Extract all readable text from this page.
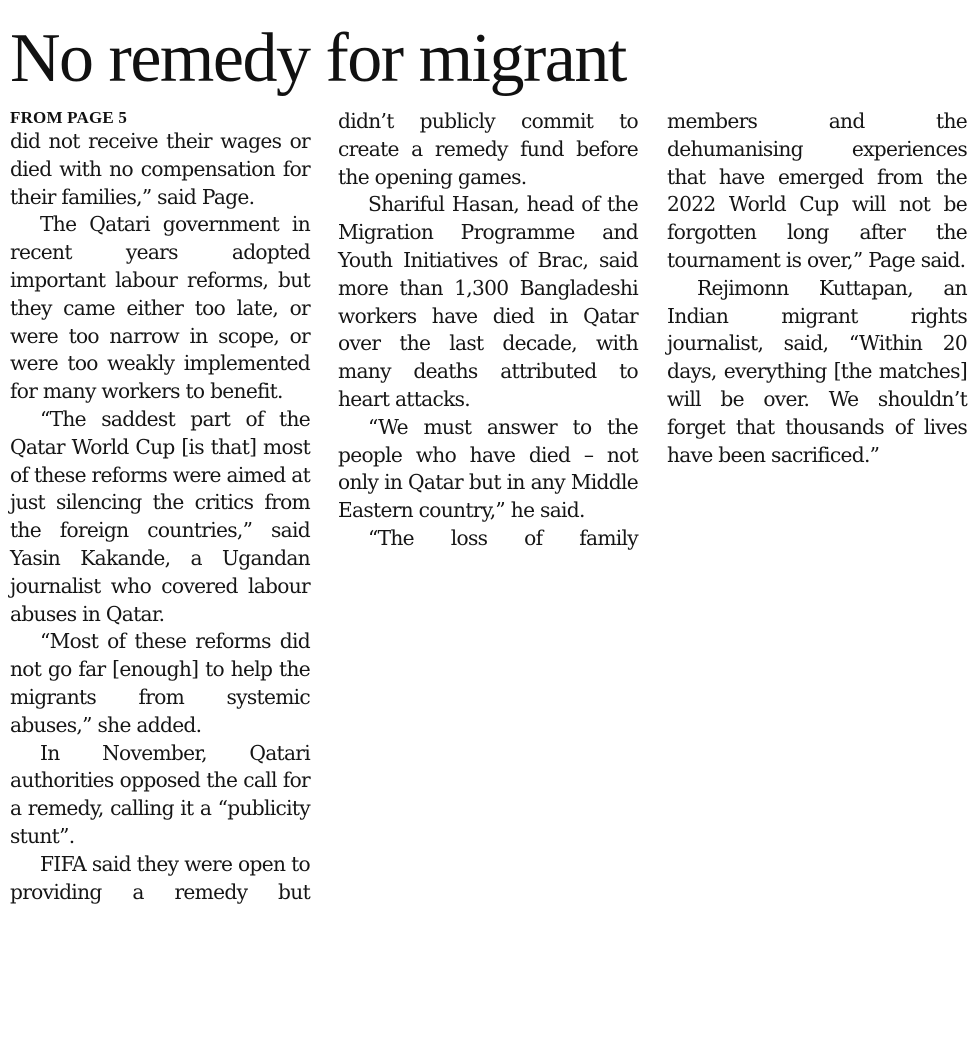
No remedy for migrant
FROM PAGE 5

did not receive their wages or died with no compensation for their families,” said Page.

The Qatari government in recent years adopted important labour reforms, but they came either too late, or were too narrow in scope, or were too weakly implemented for many workers to benefit.

“The saddest part of the Qatar World Cup [is that] most of these reforms were aimed at just silencing the critics from the foreign countries,” said Yasin Kakande, a Ugandan journalist who covered labour abuses in Qatar.

“Most of these reforms did not go far [enough] to help the migrants from systemic abuses,” she added.

In November, Qatari authorities opposed the call for a remedy, calling it a “publicity stunt”.

FIFA said they were open to providing a remedy but

didn’t publicly commit to create a remedy fund before the opening games.

Shariful Hasan, head of the Migration Programme and Youth Initiatives of Brac, said more than 1,300 Bangladeshi workers have died in Qatar over the last decade, with many deaths attributed to heart attacks.

“We must answer to the people who have died – not only in Qatar but in any Middle Eastern country,” he said.

“The loss of family

members and the dehumanising experiences that have emerged from the 2022 World Cup will not be forgotten long after the tournament is over,” Page said.

Rejimonn Kuttapan, an Indian migrant rights journalist, said, “Within 20 days, everything [the matches] will be over. We shouldn’t forget that thousands of lives have been sacrificed.”
